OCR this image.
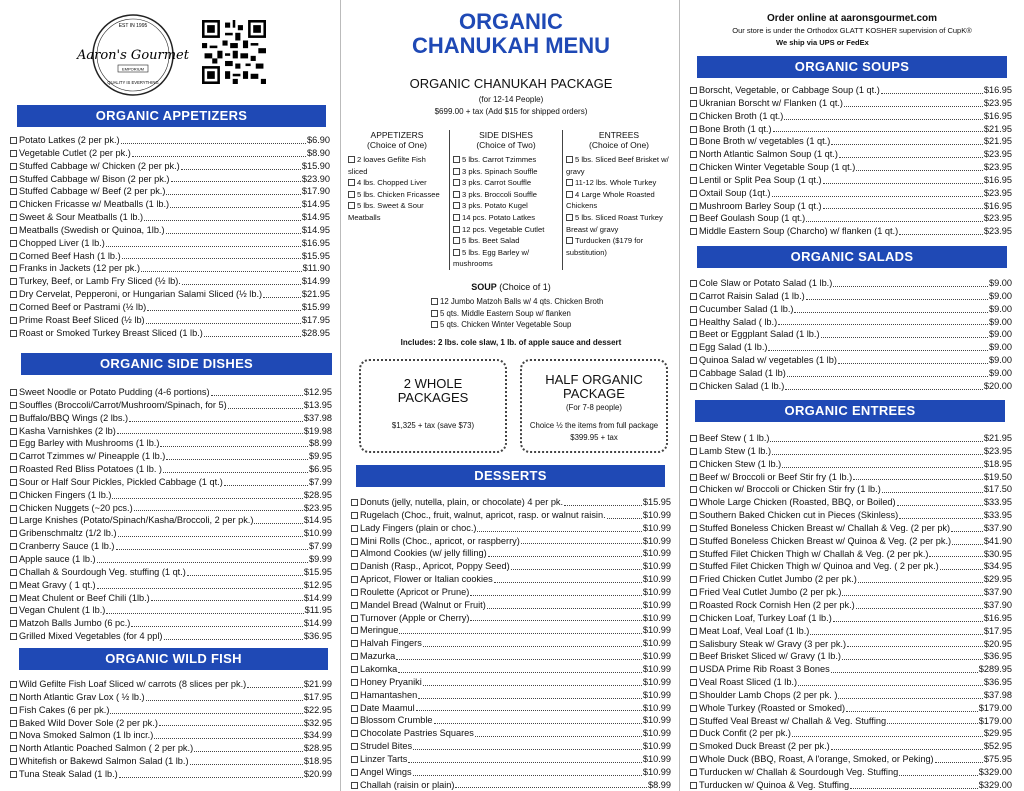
EST IN 1995
Aaron's Gourmet
EMPORIUM
QUALITY IS EVERYTHING
ORGANIC APPETIZERS
Potato Latkes (2 per pk.)	$6.90
Vegetable Cutlet (2 per pk.)	$8.90
Stuffed Cabbage w/ Chicken (2 per pk.)	$15.90
Stuffed Cabbage w/ Bison (2 per pk.)	$23.90
Stuffed Cabbage w/ Beef (2 per pk.)	$17.90
Chicken Fricasse w/ Meatballs (1 lb.)	$14.95
Sweet & Sour Meatballs (1 lb.)	$14.95
Meatballs (Swedish or Quinoa, 1lb.)	$14.95
Chopped Liver (1 lb.)	$16.95
Corned Beef Hash (1 lb.)	$15.95
Franks in Jackets (12 per pk.)	$11.90
Turkey, Beef, or Lamb Fry Sliced (½ lb).	$14.99
Dry Cervelat, Pepperoni, or Hungarian Salami Sliced (½ lb.)	$21.95
Corned Beef or Pastrami (½ lb)	$15.99
Prime Roast Beef Sliced (½ lb)	$17.95
Roast or Smoked Turkey Breast Sliced (1 lb.)	$28.95
ORGANIC SIDE DISHES
Sweet Noodle or Potato Pudding (4-6 portions)	$12.95
Souffles (Broccoli/Carrot/Mushroom/Spinach, for 5)	$13.95
Buffalo/BBQ Wings (2 lbs.)	$37.98
Kasha Varnishkes (2 lb)	$19.98
Egg Barley with Mushrooms (1 lb.)	$8.99
Carrot Tzimmes w/ Pineapple (1 lb.)	$9.95
Roasted Red Bliss Potatoes (1 lb. )	$6.95
Sour or Half Sour Pickles, Pickled Cabbage (1 qt.)	$7.99
Chicken Fingers (1 lb.)	$28.95
Chicken Nuggets (~20 pcs.)	$23.95
Large Knishes (Potato/Spinach/Kasha/Broccoli, 2 per pk.)	$14.95
Gribenschmaltz (1/2 lb.)	$10.99
Cranberry Sauce (1 lb.)	$7.99
Apple sauce (1 lb.)	$9.99
Challah & Sourdough Veg. stuffing (1 qt.)	$15.95
Meat Gravy ( 1 qt.)	$12.95
Meat Chulent or Beef Chili (1lb.)	$14.99
Vegan Chulent (1 lb.)	$11.95
Matzoh Balls Jumbo (6 pc.)	$14.99
Grilled Mixed Vegetables (for 4 ppl)	$36.95
ORGANIC WILD FISH
Wild Gefilte Fish Loaf Sliced w/ carrots (8 slices per pk.)	$21.99
North Atlantic Grav Lox ( ½ lb.)	$17.95
Fish Cakes (6 per pk.)	$22.95
Baked Wild Dover Sole (2 per pk.)	$32.95
Nova Smoked Salmon (1 lb incr.)	$34.99
North Atlantic Poached Salmon ( 2 per pk.)	$28.95
Whitefish or Bakewd Salmon Salad (1 lb.)	$18.95
Tuna Steak Salad (1 lb.)	$20.99
ORGANIC
CHANUKAH MENU
ORGANIC CHANUKAH PACKAGE
(for 12-14 People)
$699.00 + tax (Add $15 for shipped orders)
APPETIZERS
(Choice of One)
2 loaves Gefilte Fish sliced
4 lbs. Chopped Liver
5 lbs. Chicken Fricassee
5 lbs. Sweet & Sour Meatballs
SIDE DISHES
(Choice of Two)
5 lbs. Carrot Tzimmes
3 pks. Spinach Souffle
3 pks. Carrot Souffle
3 pks. Broccoli Souffle
3 pks. Potato Kugel
14 pcs. Potato Latkes
12 pcs. Vegetable Cutlet
5 lbs. Beet Salad
5 lbs. Egg Barley w/ mushrooms
ENTREES
(Choice of One)
5 lbs. Sliced Beef Brisket w/ gravy
11-12 lbs. Whole Turkey
4 Large Whole Roasted Chickens
5 lbs. Sliced Roast Turkey Breast w/ gravy
Turducken ($179 for substitution)
SOUP (Choice of 1)
12 Jumbo Matzoh Balls w/ 4 qts. Chicken Broth
5 qts. Middle Eastern Soup w/ flanken
5 qts. Chicken Winter Vegetable Soup
Includes: 2 lbs. cole slaw, 1 lb. of apple sauce and dessert
2 WHOLE
PACKAGES
$1,325 + tax (save $73)
HALF ORGANIC
PACKAGE
(For 7-8 people)
Choice ½ the items from full package
$399.95 + tax
DESSERTS
Donuts (jelly, nutella, plain, or chocolate) 4 per pk.	$15.95
Rugelach (Choc., fruit, walnut, apricot, rasp. or walnut raisin.	$10.99
Lady Fingers (plain or choc.)	$10.99
Mini Rolls (Choc., apricot, or raspberry)	$10.99
Almond Cookies (w/ jelly filling)	$10.99
Danish (Rasp., Apricot, Poppy Seed)	$10.99
Apricot, Flower or Italian cookies	$10.99
Roulette (Apricot or Prune)	$10.99
Mandel Bread (Walnut or Fruit)	$10.99
Turnover (Apple or Cherry)	$10.99
Meringue	$10.99
Halvah Fingers	$10.99
Mazurka	$10.99
Lakomka	$10.99
Honey Pryaniki	$10.99
Hamantashen	$10.99
Date Maamul	$10.99
Blossom Crumble	$10.99
Chocolate Pastries Squares	$10.99
Strudel Bites	$10.99
Linzer Tarts	$10.99
Angel Wings	$10.99
Challah (raisin or plain)	$8.99
Order online at aaronsgourmet.com
Our store is under the Orthodox GLATT KOSHER supervision of CupK®
We ship via UPS or FedEx
ORGANIC SOUPS
Borscht, Vegetable, or Cabbage Soup (1 qt.)	$16.95
Ukranian Borscht w/ Flanken (1 qt.)	$23.95
Chicken Broth (1 qt.)	$16.95
Bone Broth (1 qt.)	$21.95
Bone Broth w/ vegetables (1 qt.)	$21.95
North Atlantic Salmon Soup (1 qt.)	$23.95
Chicken Winter Vegetable Soup (1 qt.)	$23.95
Lentil or Split Pea Soup (1 qt.)	$16.95
Oxtail Soup (1qt.)	$23.95
Mushroom Barley Soup (1 qt.)	$16.95
Beef Goulash Soup (1 qt.)	$23.95
Middle Eastern Soup (Charcho) w/ flanken (1 qt.)	$23.95
ORGANIC SALADS
Cole Slaw or Potato Salad (1 lb.)	$9.00
Carrot Raisin Salad (1 lb.)	$9.00
Cucumber Salad (1 lb.)	$9.00
Healthy Salad ( lb.)	$9.00
Beet or Eggplant Salad (1 lb.)	$9.00
Egg Salad (1 lb.)	$9.00
Quinoa Salad w/ vegetables (1 lb)	$9.00
Cabbage Salad (1 lb)	$9.00
Chicken Salad (1 lb.)	$20.00
ORGANIC ENTREES
Beef Stew ( 1 lb.)	$21.95
Lamb Stew (1 lb.)	$23.95
Chicken Stew (1 lb.)	$18.95
Beef w/ Broccoli or Beef Stir fry (1 lb.)	$19.50
Chicken w/ Broccoli or Chicken Stir fry (1 lb.)	$17.50
Whole Large Chicken (Roasted, BBQ, or Boiled)	$33.95
Southern Baked Chicken cut in Pieces (Skinless)	$33.95
Stuffed Boneless Chicken Breast w/ Challah & Veg. (2 per pk)	$37.90
Stuffed Boneless Chicken Breast w/ Quinoa & Veg. (2 per pk.)	$41.90
Stuffed Filet Chicken Thigh w/ Challah & Veg. (2 per pk.)	$30.95
Stuffed Filet Chicken Thigh w/ Quinoa and Veg. ( 2 per pk.)	$34.95
Fried Chicken Cutlet Jumbo (2 per pk.)	$29.95
Fried Veal Cutlet Jumbo (2 per pk.)	$37.90
Roasted Rock Cornish Hen (2 per pk.)	$37.90
Chicken Loaf, Turkey Loaf (1 lb.)	$16.95
Meat Loaf, Veal Loaf (1 lb.)	$17.95
Salisbury Steak w/ Gravy (3 per pk.)	$20.95
Beef Brisket Sliced w/ Gravy (1 lb.)	$36.95
USDA Prime Rib Roast 3 Bones	$289.95
Veal Roast Sliced (1 lb.)	$36.95
Shoulder Lamb Chops (2 per pk. )	$37.98
Whole Turkey (Roasted or Smoked)	$179.00
Stuffed Veal Breast w/ Challah & Veg. Stuffing	$179.00
Duck Confit (2 per pk.)	$29.95
Smoked Duck Breast (2 per pk.)	$52.95
Whole Duck (BBQ, Roast, A l'orange, Smoked, or Peking)	$75.95
Turducken w/ Challah & Sourdough Veg. Stuffing	$329.00
Turducken w/ Quinoa & Veg. Stuffing	$329.00
